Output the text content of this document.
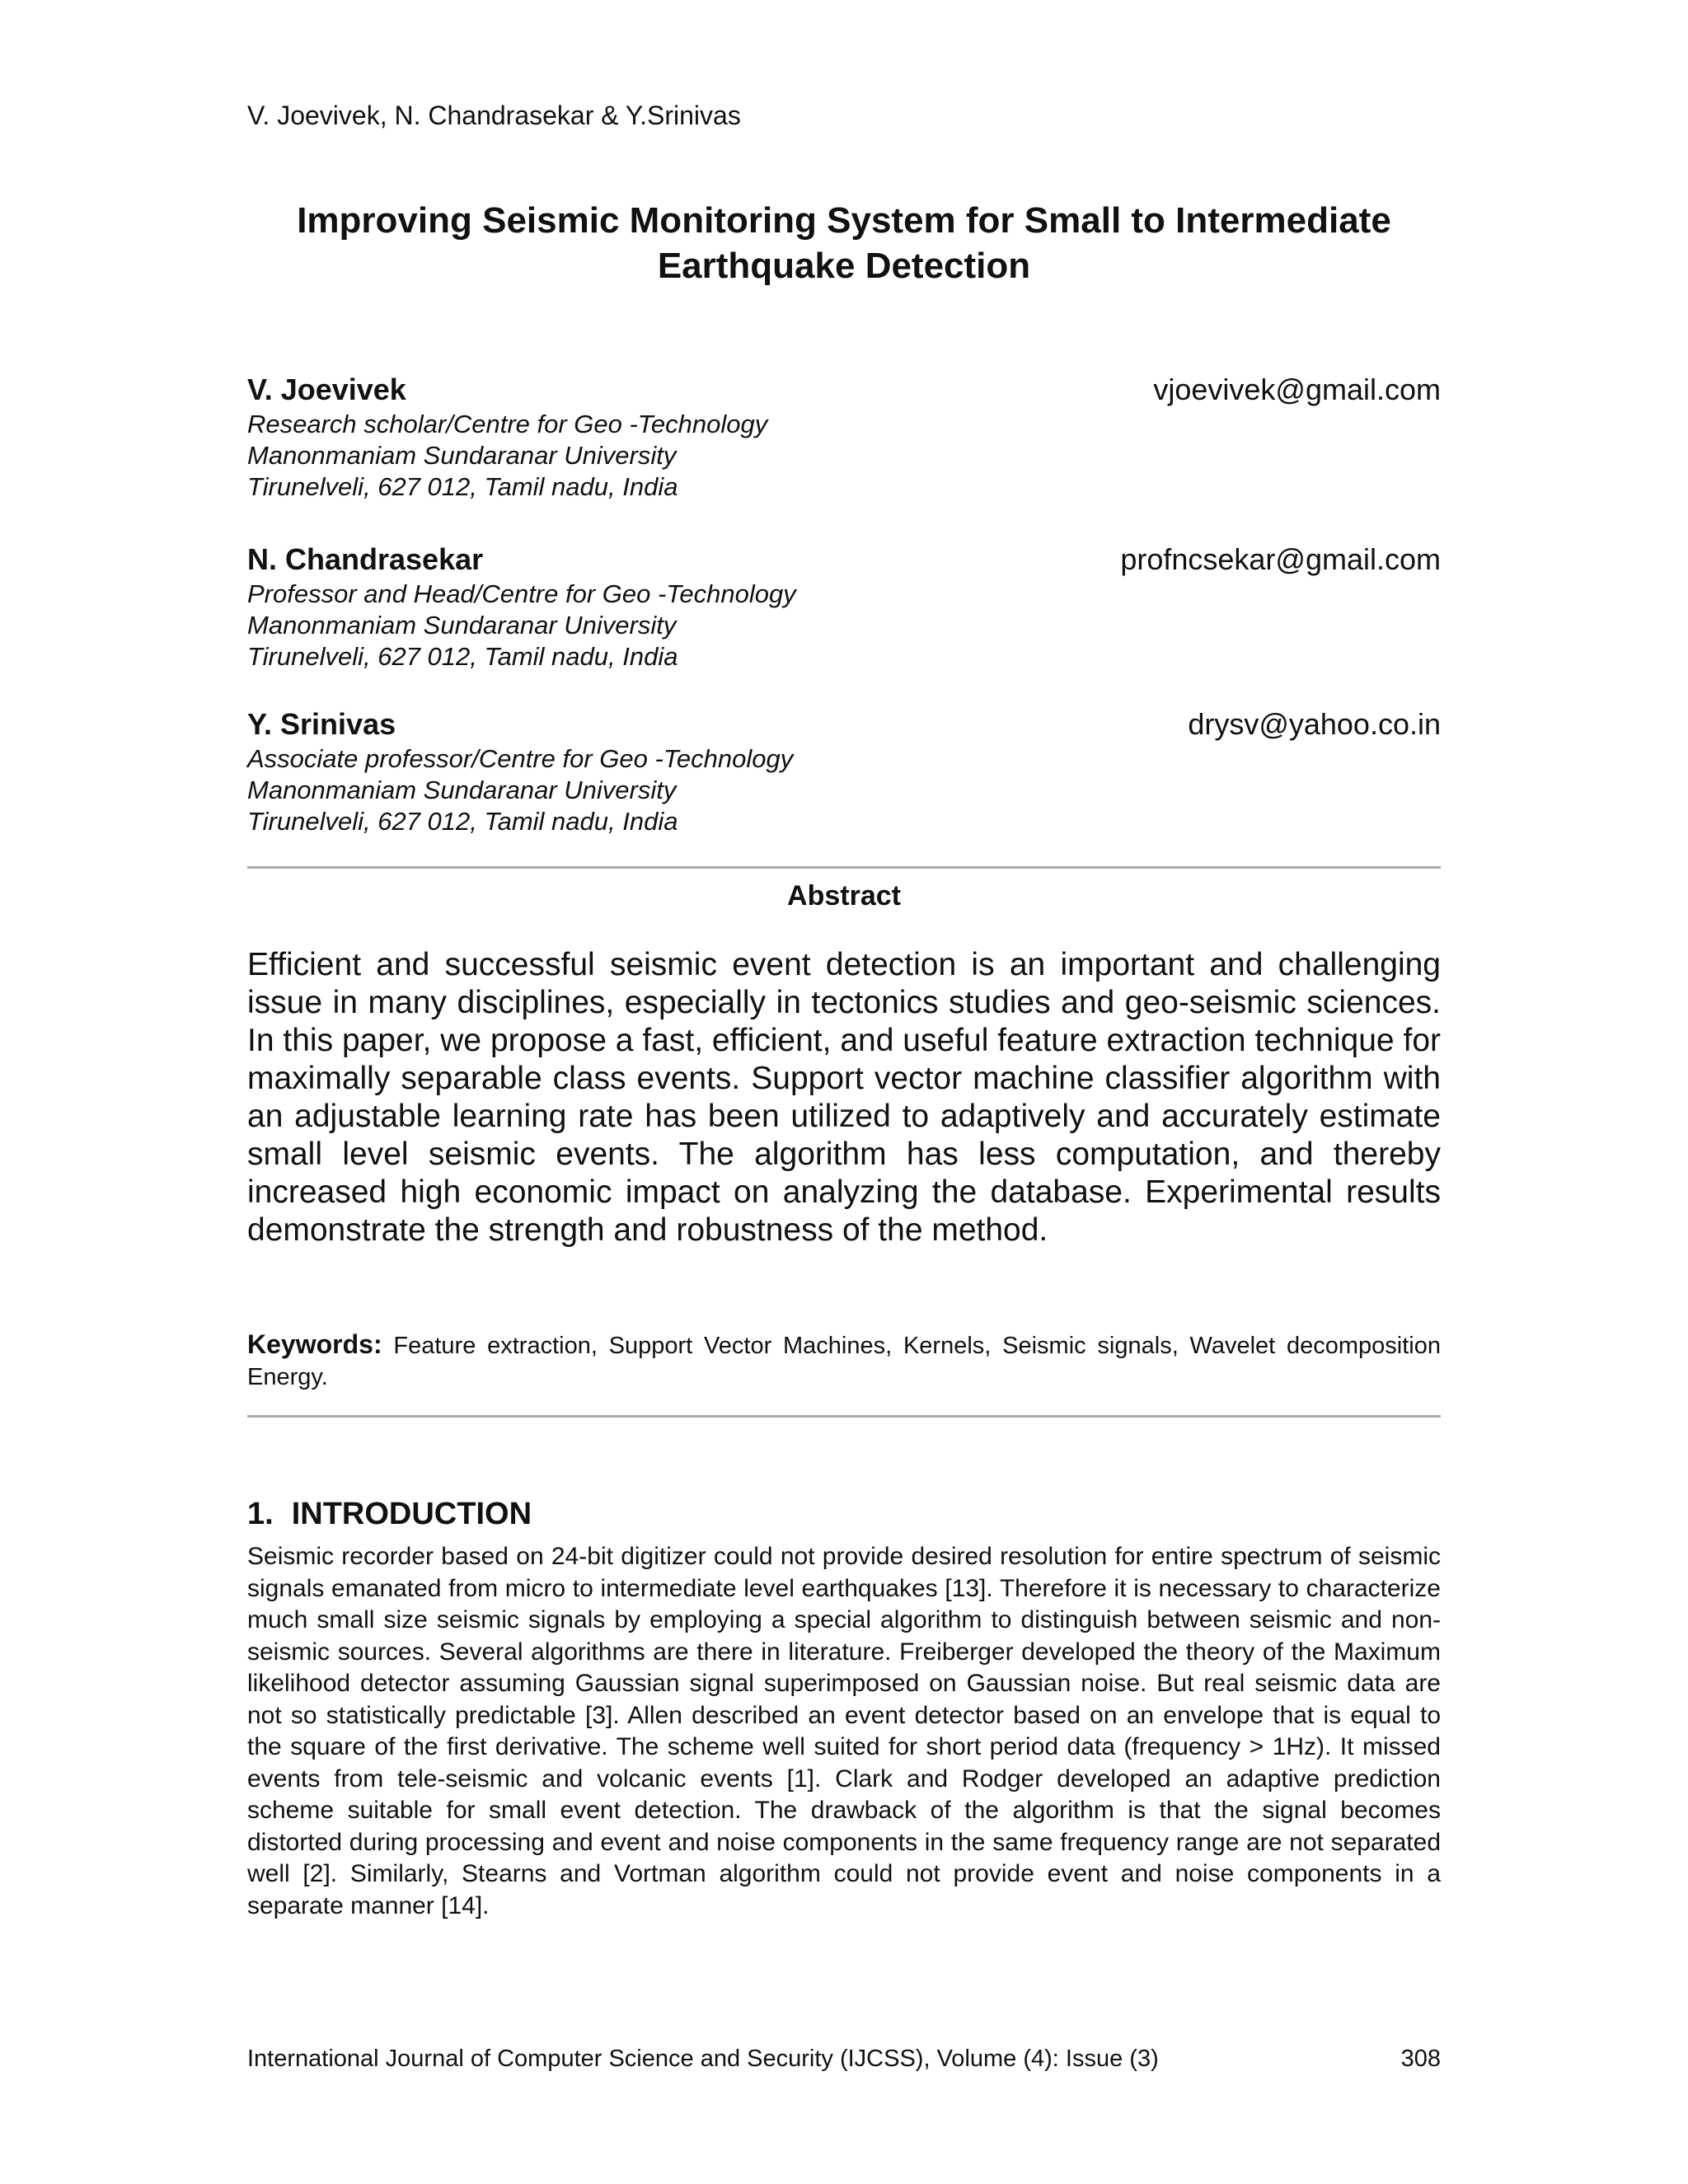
V. Joevivek, N. Chandrasekar & Y.Srinivas
Improving Seismic Monitoring System for Small to Intermediate Earthquake Detection
V. Joevivek	vjoevivek@gmail.com
Research scholar/Centre for Geo -Technology
Manonmaniam Sundaranar University
Tirunelveli, 627 012, Tamil nadu, India
N. Chandrasekar	profncsekar@gmail.com
Professor and Head/Centre for Geo -Technology
Manonmaniam Sundaranar University
Tirunelveli, 627 012, Tamil nadu, India
Y. Srinivas	drysv@yahoo.co.in
Associate professor/Centre for Geo -Technology
Manonmaniam Sundaranar University
Tirunelveli, 627 012, Tamil nadu, India
Abstract
Efficient and successful seismic event detection is an important and challenging issue in many disciplines, especially in tectonics studies and geo-seismic sciences. In this paper, we propose a fast, efficient, and useful feature extraction technique for maximally separable class events. Support vector machine classifier algorithm with an adjustable learning rate has been utilized to adaptively and accurately estimate small level seismic events. The algorithm has less computation, and thereby increased high economic impact on analyzing the database. Experimental results demonstrate the strength and robustness of the method.
Keywords: Feature extraction, Support Vector Machines, Kernels, Seismic signals, Wavelet decomposition Energy.
1. INTRODUCTION
Seismic recorder based on 24-bit digitizer could not provide desired resolution for entire spectrum of seismic signals emanated from micro to intermediate level earthquakes [13]. Therefore it is necessary to characterize much small size seismic signals by employing a special algorithm to distinguish between seismic and non-seismic sources. Several algorithms are there in literature. Freiberger developed the theory of the Maximum likelihood detector assuming Gaussian signal superimposed on Gaussian noise. But real seismic data are not so statistically predictable [3]. Allen described an event detector based on an envelope that is equal to the square of the first derivative. The scheme well suited for short period data (frequency > 1Hz). It missed events from tele-seismic and volcanic events [1]. Clark and Rodger developed an adaptive prediction scheme suitable for small event detection. The drawback of the algorithm is that the signal becomes distorted during processing and event and noise components in the same frequency range are not separated well [2]. Similarly, Stearns and Vortman algorithm could not provide event and noise components in a separate manner [14].
International Journal of Computer Science and Security (IJCSS), Volume (4): Issue (3)	308
